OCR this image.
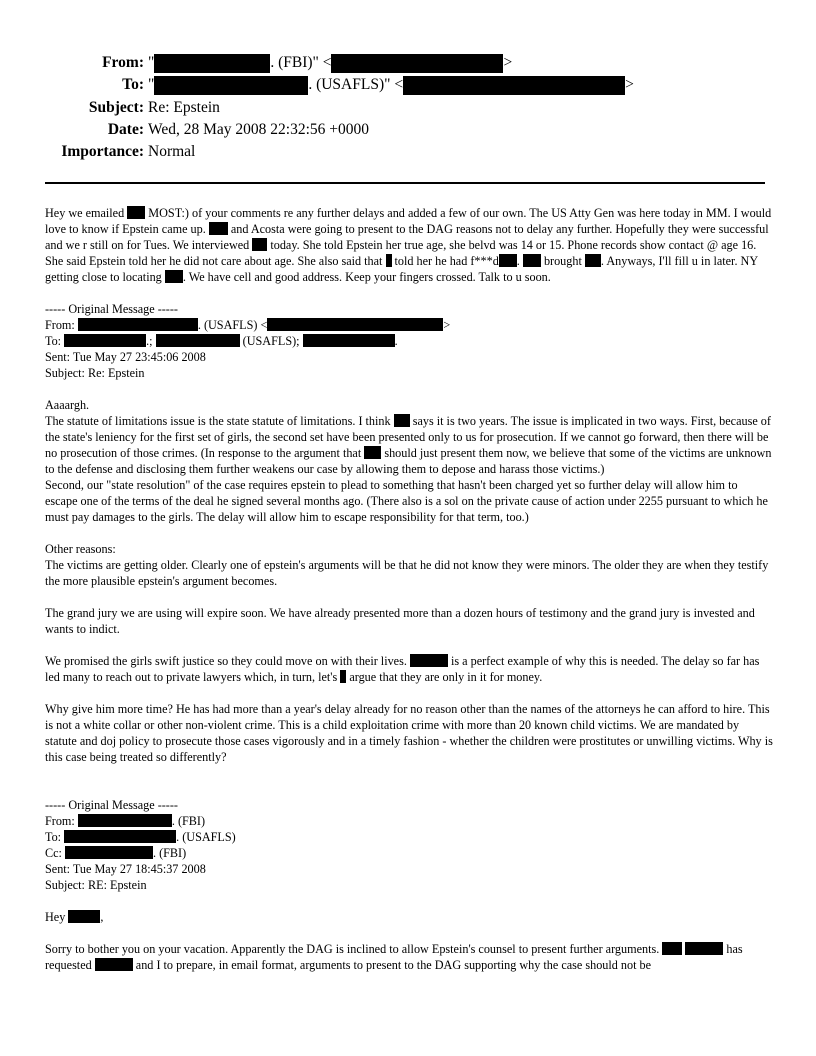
From: "	. (FBI)" <	>
To: "	. (USAFLS)" <	>
Subject: Re: Epstein
Date: Wed, 28 May 2008 22:32:56 +0000
Importance: Normal

Hey we emailed MOST:) of your comments re any further delays and added a few of our own. The US Atty Gen was here today in MM. I would love to know if Epstein came up. and Acosta were going to present to the DAG reasons not to delay any further. Hopefully they were successful and we r still on for Tues. We interviewed today. She told Epstein her true age, she belvd was 14 or 15. Phone records show contact @ age 16. She said Epstein told her he did not care about age. She also said that told her he had f***d . brought . Anyways, I'll fill u in later. NY getting close to locating . We have cell and good address. Keep your fingers crossed. Talk to u soon.

----- Original Message -----

From:	. (USAFLS) <	>

To:	.;	(USAFLS);	.

Sent: Tue May 27 23:45:06 2008

Subject: Re: Epstein

Aaaargh.

The statute of limitations issue is the state statute of limitations. I think says it is two years. The issue is implicated in two ways. First, because of the state's leniency for the first set of girls, the second set have been presented only to us for prosecution. If we cannot go forward, then there will be no prosecution of those crimes. (In response to the argument that should just present them now, we believe that some of the victims are unknown to the defense and disclosing them further weakens our case by allowing them to depose and harass those victims.)

Second, our "state resolution" of the case requires epstein to plead to something that hasn't been charged yet so further delay will allow him to escape one of the terms of the deal he signed several months ago. (There also is a sol on the private cause of action under 2255 pursuant to which he must pay damages to the girls. The delay will allow him to escape responsibility for that term, too.)

Other reasons:

The victims are getting older. Clearly one of epstein's arguments will be that he did not know they were minors. The older they are when they testify the more plausible epstein's argument becomes.

The grand jury we are using will expire soon. We have already presented more than a dozen hours of testimony and the grand jury is invested and wants to indict.

We promised the girls swift justice so they could move on with their lives.	is a perfect example of why this is needed. The delay so far has led many to reach out to private lawyers which, in turn, let's argue that they are only in it for money.

Why give him more time? He has had more than a year's delay already for no reason other than the names of the attorneys he can afford to hire. This is not a white collar or other non-violent crime. This is a child exploitation crime with more than 20 known child victims. We are mandated by statute and doj policy to prosecute those cases vigorously and in a timely fashion - whether the children were prostitutes or unwilling victims. Why is this case being treated so differently?

----- Original Message -----

From:	. (FBI)

To:	. (USAFLS)

Cc:	. (FBI)

Sent: Tue May 27 18:45:37 2008

Subject: RE: Epstein

Hey	,

Sorry to bother you on your vacation. Apparently the DAG is inclined to allow Epstein's counsel to present further arguments.	has requested	and I to prepare, in email format, arguments to present to the DAG supporting why the case should not be
